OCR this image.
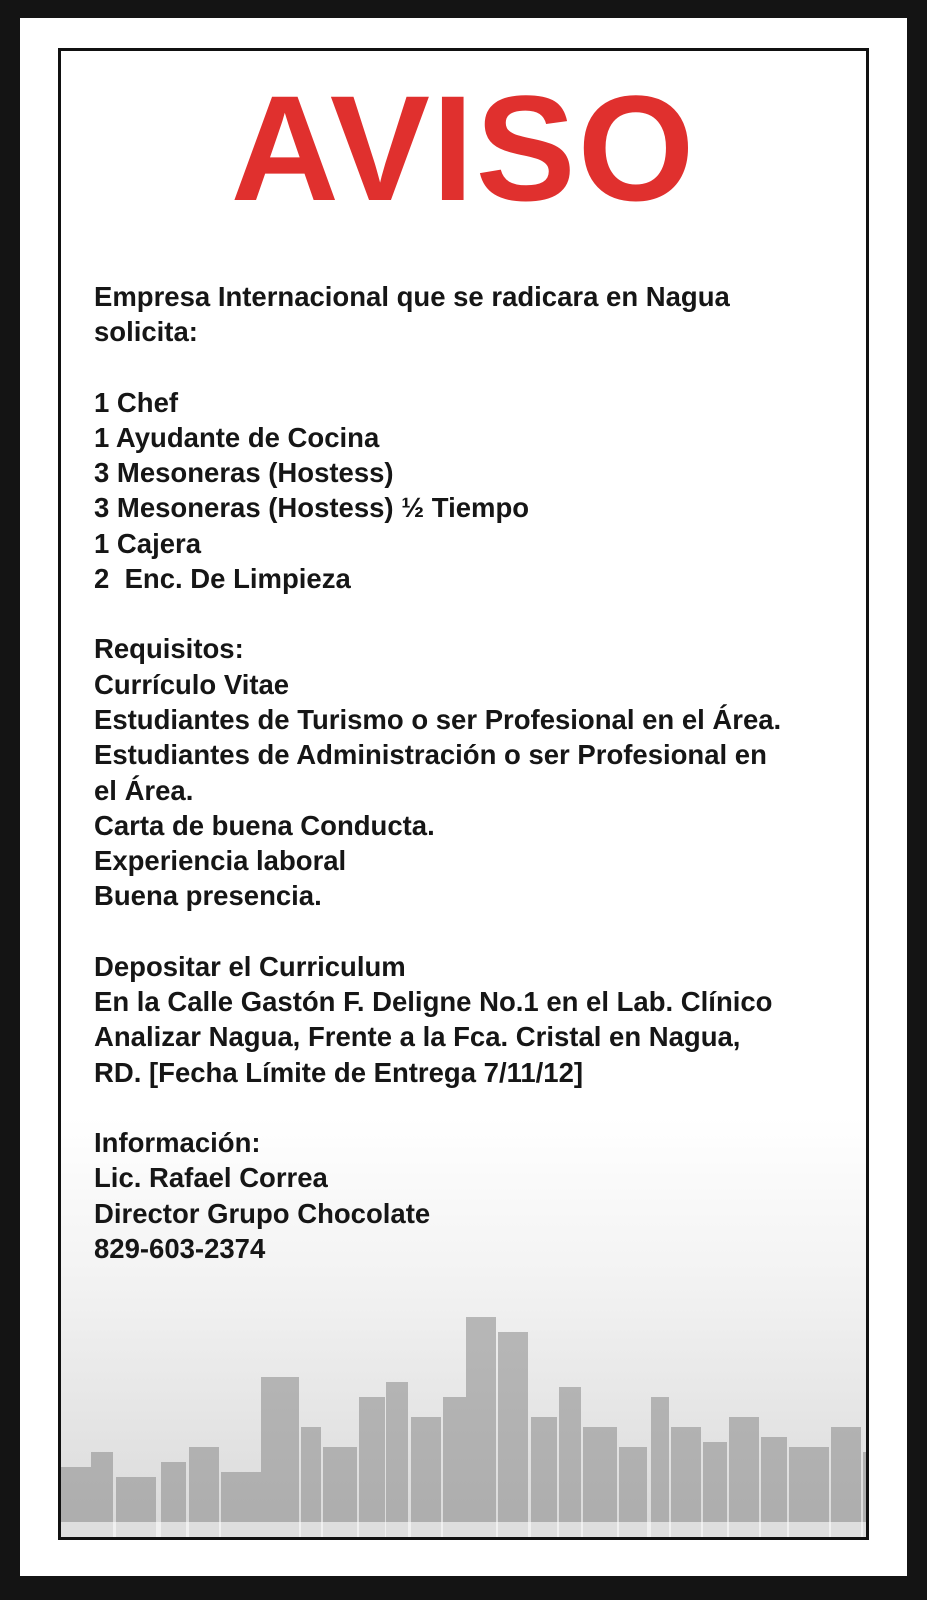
AVISO
Empresa Internacional que se radicara en Nagua
solicita:
1 Chef
1 Ayudante de Cocina
3 Mesoneras (Hostess)
3 Mesoneras (Hostess) ½ Tiempo
1 Cajera
2  Enc. De Limpieza
Requisitos:
Currículo Vitae
Estudiantes de Turismo o ser Profesional en el Área.
Estudiantes de Administración o ser Profesional en
el Área.
Carta de buena Conducta.
Experiencia laboral
Buena presencia.
Depositar el Curriculum
En la Calle Gastón F. Deligne No.1 en el Lab. Clínico
Analizar Nagua, Frente a la Fca. Cristal en Nagua,
RD. [Fecha Límite de Entrega 7/11/12]
Información:
Lic. Rafael Correa
Director Grupo Chocolate
829-603-2374
